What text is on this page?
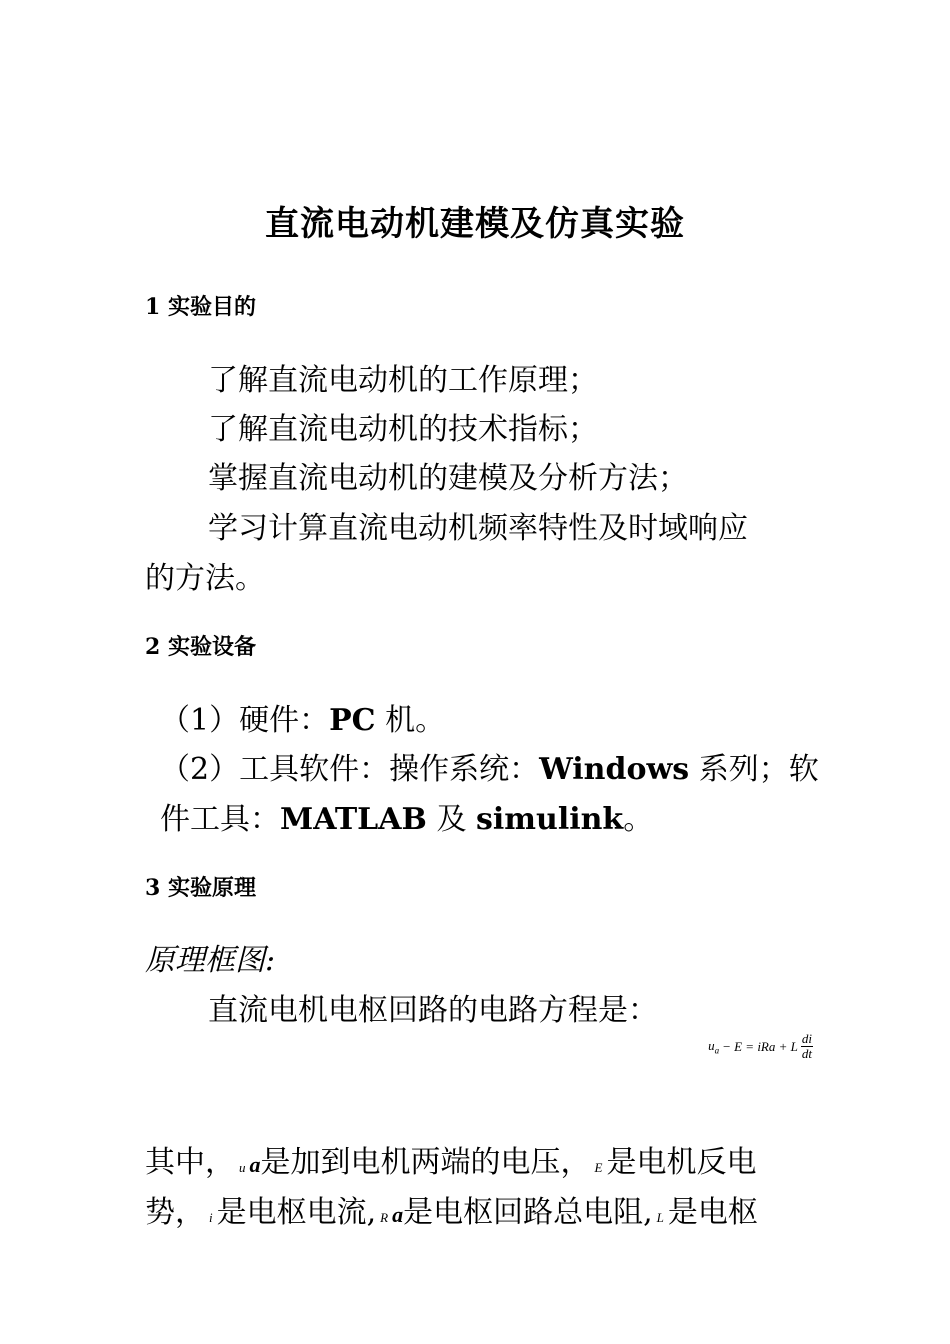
直流电动机建模及仿真实验
1 实验目的
了解直流电动机的工作原理；
了解直流电动机的技术指标；
掌握直流电动机的建模及分析方法；
学习计算直流电动机频率特性及时域响应
的方法。
2 实验设备
（1）硬件：PC 机。
（2）工具软件：操作系统：Windows 系列；软
件工具：MATLAB 及 simulink。
3 实验原理
原理框图:
直流电机电枢回路的电路方程是：
$u_a - E$ = iRa + L $\frac{di}{dt}$
其中， u a是加到电机两端的电压， E 是电机反电
势， i 是电枢电流, R a是电枢回路总电阻, L 是电枢
